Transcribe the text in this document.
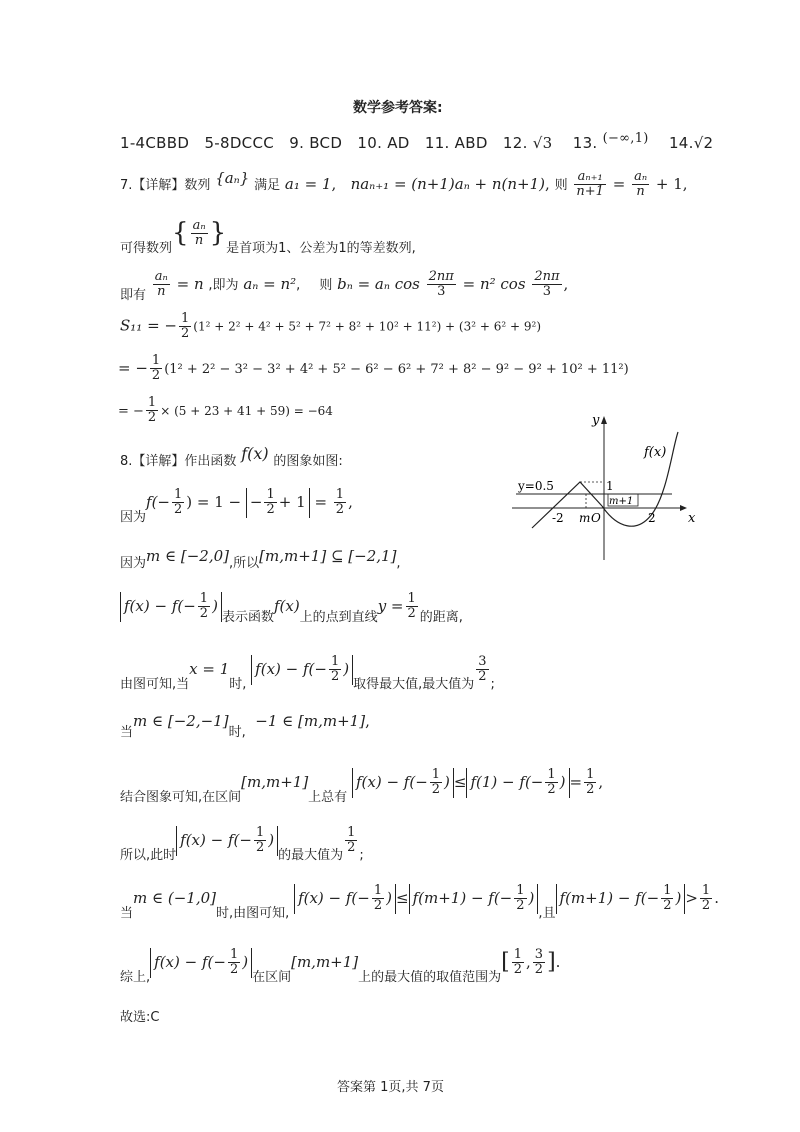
数学参考答案:
1-4CBBD 5-8DCCC 9. BCD 10. AD 11. ABD 12. √3 13. (−∞,1) 14.√2
7.【详解】数列 {aₙ} 满足 a₁ = 1,   naₙ₊₁ = (n+1)aₙ + n(n+1), 则 $\frac{\text{aₙ₊₁}}{n+1} = \frac{\text{aₙ}}{n} + 1$,
可得数列{ $\frac{\text{aₙ}}{n}$ }是首项为1、公差为1的等差数列,
即有 $\frac{\text{aₙ}}{n} = n$ ,即为 aₙ = n², 则 bₙ = aₙ $\cos \frac{2n\pi}{3} = n^2$ $\cos \frac{2n\pi}{3}$ ,
S₁₁ = − $\frac{1}{2} (1^2 + 2^2 + 4^2 + 5^2 + 7^2 + 8^2 + 10^2 + 11^2) + (3^2 + 6^2 + 9^2)$
= − $\frac{1}{2} (1^2 + 2^2 - 3^2 - 3^2 + 4^2 + 5^2 - 6^2 - 6^2 + 7^2 + 8^2 - 9^2 - 9^2 + 10^2 + 11^2)$
= − $\frac{1}{2} \times (5 + 23 + 41 + 59) = -64$
y
x
f(x)
y=0.5	1
-2 m O	2
m+1
8.【详解】作出函数 f(x) 的图象如图:
因为$f(- \frac{1}{2}$ ) = 1 − − $\frac{1}{2} + 1 = \frac{1}{2}$ ,
因为m ∈ [−2,0],所以[m,m+1] ⊆ [−2,1],
$f(x) - f(- \frac{1}{2}$ )表示函数f(x)上的点到直线$y = \frac{1}{2}$ 的距离,
由图可知,当x = 1时, $f(x) - f(- \frac{1}{2}$ )取得最大值,最大值为 $\frac{3}{2}$ ;
当m ∈ [−2,−1]时,  −1 ∈ [m,m+1],
结合图象可知,在区间[m,m+1]上总有 $f(x) - f(- \frac{1}{2}$ ) ≤ $f(1) - f(- \frac{1}{2}$ ) = $\frac{1}{2}$ ,
所以,此时$f(x) - f(- \frac{1}{2}$ )的最大值为 $\frac{1}{2}$ ;
当m ∈ (−1,0]时,由图可知, $f(x) - f(- \frac{1}{2}$ ) ≤ $f(m+1) - f(- \frac{1}{2}$ ),且$f(m+1) - f(- \frac{1}{2}$ ) > $\frac{1}{2}$ .
综上$,f(x) - f(- \frac{1}{2}$ )在区间[m,m+1]上的最大值的取值范围为[ $\frac{1}{2}$ , $\frac{3}{2}$ ].
故选:C
答案第 1页,共 7页
